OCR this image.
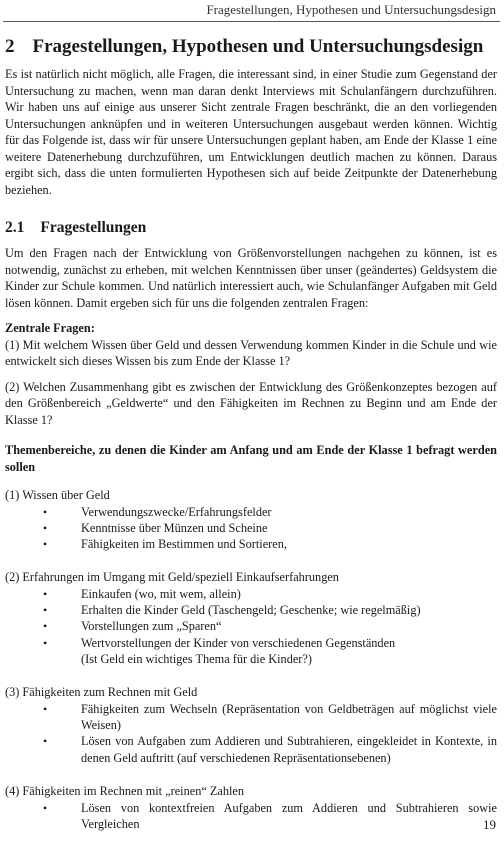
Fragestellungen, Hypothesen und Untersuchungsdesign
2 Fragestellungen, Hypothesen und Untersuchungsdesign

Es ist natürlich nicht möglich, alle Fragen, die interessant sind, in einer Studie zum Gegenstand der Untersuchung zu machen, wenn man daran denkt Interviews mit Schulanfängern durchzuführen. Wir haben uns auf einige aus unserer Sicht zentrale Fragen beschränkt, die an den vorliegenden Untersuchungen anknüpfen und in weiteren Untersuchungen ausgebaut werden können. Wichtig für das Folgende ist, dass wir für unsere Untersuchungen geplant haben, am Ende der Klasse 1 eine weitere Datenerhebung durchzuführen, um Entwicklungen deutlich machen zu können. Daraus ergibt sich, dass die unten formulierten Hypothesen sich auf beide Zeitpunkte der Datenerhebung beziehen.

2.1 Fragestellungen

Um den Fragen nach der Entwicklung von Größenvorstellungen nachgehen zu können, ist es notwendig, zunächst zu erheben, mit welchen Kenntnissen über unser (geändertes) Geldsystem die Kinder zur Schule kommen. Und natürlich interessiert auch, wie Schulanfänger Aufgaben mit Geld lösen können. Damit ergeben sich für uns die folgenden zentralen Fragen:

Zentrale Fragen:

(1) Mit welchem Wissen über Geld und dessen Verwendung kommen Kinder in die Schule und wie entwickelt sich dieses Wissen bis zum Ende der Klasse 1?

(2) Welchen Zusammenhang gibt es zwischen der Entwicklung des Größenkonzeptes bezogen auf den Größenbereich „Geldwerte“ und den Fähigkeiten im Rechnen zu Beginn und am Ende der Klasse 1?

Themenbereiche, zu denen die Kinder am Anfang und am Ende der Klasse 1 befragt werden sollen
(1) Wissen über Geld
•	Verwendungszwecke/Erfahrungsfelder
•	Kenntnisse über Münzen und Scheine
•	Fähigkeiten im Bestimmen und Sortieren,
(2) Erfahrungen im Umgang mit Geld/speziell Einkaufserfahrungen
•	Einkaufen (wo, mit wem, allein)
•	Erhalten die Kinder Geld (Taschengeld; Geschenke; wie regelmäßig)
•	Vorstellungen zum „Sparen“
•	Wertvorstellungen der Kinder von verschiedenen Gegenständen
(Ist Geld ein wichtiges Thema für die Kinder?)
(3) Fähigkeiten zum Rechnen mit Geld
•	Fähigkeiten zum Wechseln (Repräsentation von Geldbeträgen auf möglichst viele Weisen)
•	Lösen von Aufgaben zum Addieren und Subtrahieren, eingekleidet in Kontexte, in denen Geld auftritt (auf verschiedenen Repräsentationsebenen)
(4) Fähigkeiten im Rechnen mit „reinen“ Zahlen
•	Lösen von kontextfreien Aufgaben zum Addieren und Subtrahieren sowie Vergleichen	19
